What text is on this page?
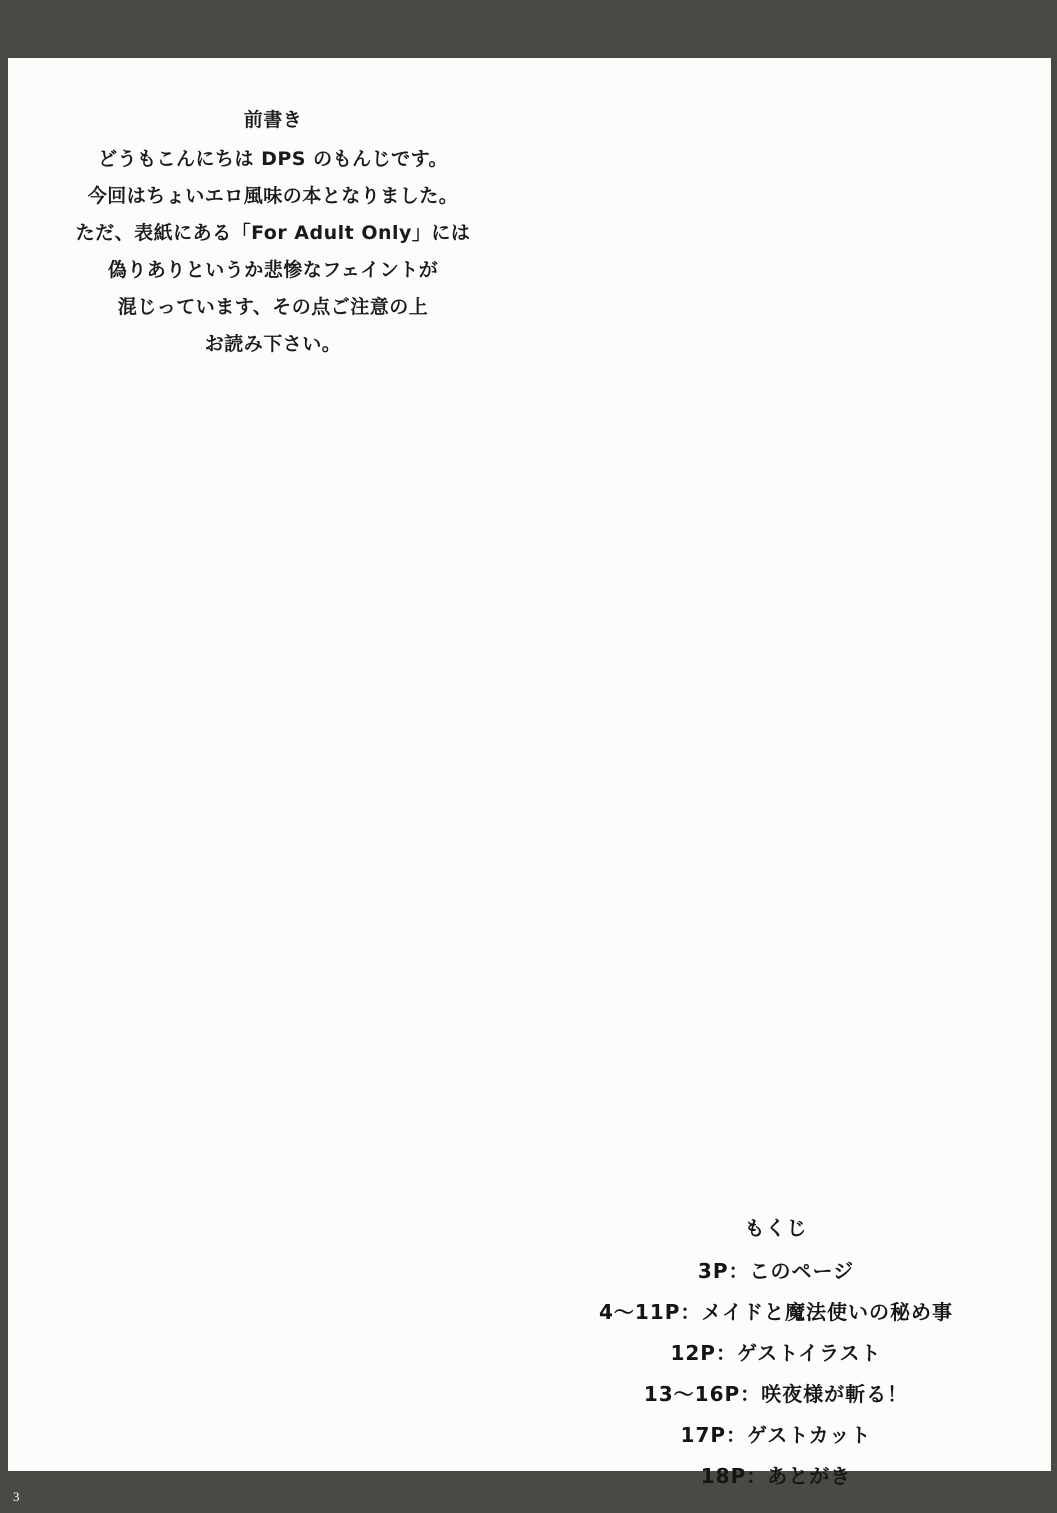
前書き
どうもこんにちは DPS のもんじです。
今回はちょいエロ風味の本となりました。
ただ、表紙にある「For Adult Only」には
偽りありというか悲惨なフェイントが
混じっています、その点ご注意の上
お読み下さい。
もくじ
3P：このページ
4〜11P：メイドと魔法使いの秘め事
12P：ゲストイラスト
13〜16P：咲夜様が斬る！
17P：ゲストカット
18P：あとがき
3
